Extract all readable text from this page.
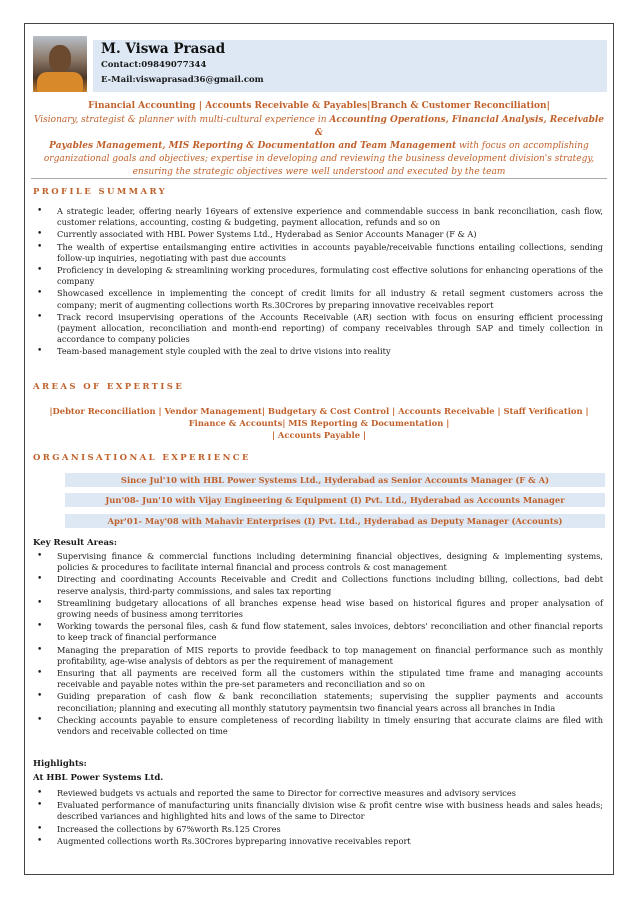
M. Viswa Prasad
Contact:09849077344
E-Mail:viswaprasad36@gmail.com
Financial Accounting | Accounts Receivable & Payables|Branch & Customer Reconciliation|
Visionary, strategist & planner with multi-cultural experience in Accounting Operations, Financial Analysis, Receivable &
Payables Management, MIS Reporting & Documentation and Team Management with focus on accomplishing
organizational goals and objectives; expertise in developing and reviewing the business development division's strategy,
ensuring the strategic objectives were well understood and executed by the team
PROFILE SUMMARY
• A strategic leader, offering nearly 16years of extensive experience and commendable success in bank reconciliation, cash flow, customer relations, accounting, costing & budgeting, payment allocation, refunds and so on
• Currently associated with HBL Power Systems Ltd., Hyderabad as Senior Accounts Manager (F & A)
• The wealth of expertise entailsmanging entire activities in accounts payable/receivable functions entailing collections, sending follow-up inquiries, negotiating with past due accounts
• Proficiency in developing & streamlining working procedures, formulating cost effective solutions for enhancing operations of the company
• Showcased excellence in implementing the concept of credit limits for all industry & retail segment customers across the company; merit of augmenting collections worth Rs.30Crores by preparing innovative receivables report
• Track record insupervising operations of the Accounts Receivable (AR) section with focus on ensuring efficient processing (payment allocation, reconciliation and month-end reporting) of company receivables through SAP and timely collection in accordance to company policies
• Team-based management style coupled with the zeal to drive visions into reality
AREAS OF EXPERTISE
|Debtor Reconciliation | Vendor Management| Budgetary & Cost Control | Accounts Receivable | Staff Verification |
Finance & Accounts| MIS Reporting & Documentation |
| Accounts Payable |
ORGANISATIONAL EXPERIENCE
Since Jul'10 with HBL Power Systems Ltd., Hyderabad as Senior Accounts Manager (F & A)
Jun'08- Jun'10 with Vijay Engineering & Equipment (I) Pvt. Ltd., Hyderabad as Accounts Manager
Apr'01- May'08 with Mahavir Enterprises (I) Pvt. Ltd., Hyderabad as Deputy Manager (Accounts)
Key Result Areas:
• Supervising finance & commercial functions including determining financial objectives, designing & implementing systems, policies & procedures to facilitate internal financial and process controls & cost management
• Directing and coordinating Accounts Receivable and Credit and Collections functions including billing, collections, bad debt reserve analysis, third-party commissions, and sales tax reporting
• Streamlining budgetary allocations of all branches expense head wise based on historical figures and proper analysation of growing needs of business among territories
• Working towards the personal files, cash & fund flow statement, sales invoices, debtors' reconciliation and other financial reports to keep track of financial performance
• Managing the preparation of MIS reports to provide feedback to top management on financial performance such as monthly profitability, age-wise analysis of debtors as per the requirement of management
• Ensuring that all payments are received form all the customers within the stipulated time frame and managing accounts receivable and payable notes within the pre-set parameters and reconciliation and so on
• Guiding preparation of cash flow & bank reconciliation statements; supervising the supplier payments and accounts reconciliation; planning and executing all monthly statutory paymentsin two financial years across all branches in India
• Checking accounts payable to ensure completeness of recording liability in timely ensuring that accurate claims are filed with vendors and receivable collected on time
Highlights:
At HBL Power Systems Ltd.
• Reviewed budgets vs actuals and reported the same to Director for corrective measures and advisory services
• Evaluated performance of manufacturing units financially division wise & profit centre wise with business heads and sales heads; described variances and highlighted hits and lows of the same to Director
• Increased the collections by 67%worth Rs.125 Crores
• Augmented collections worth Rs.30Crores bypreparing innovative receivables report
